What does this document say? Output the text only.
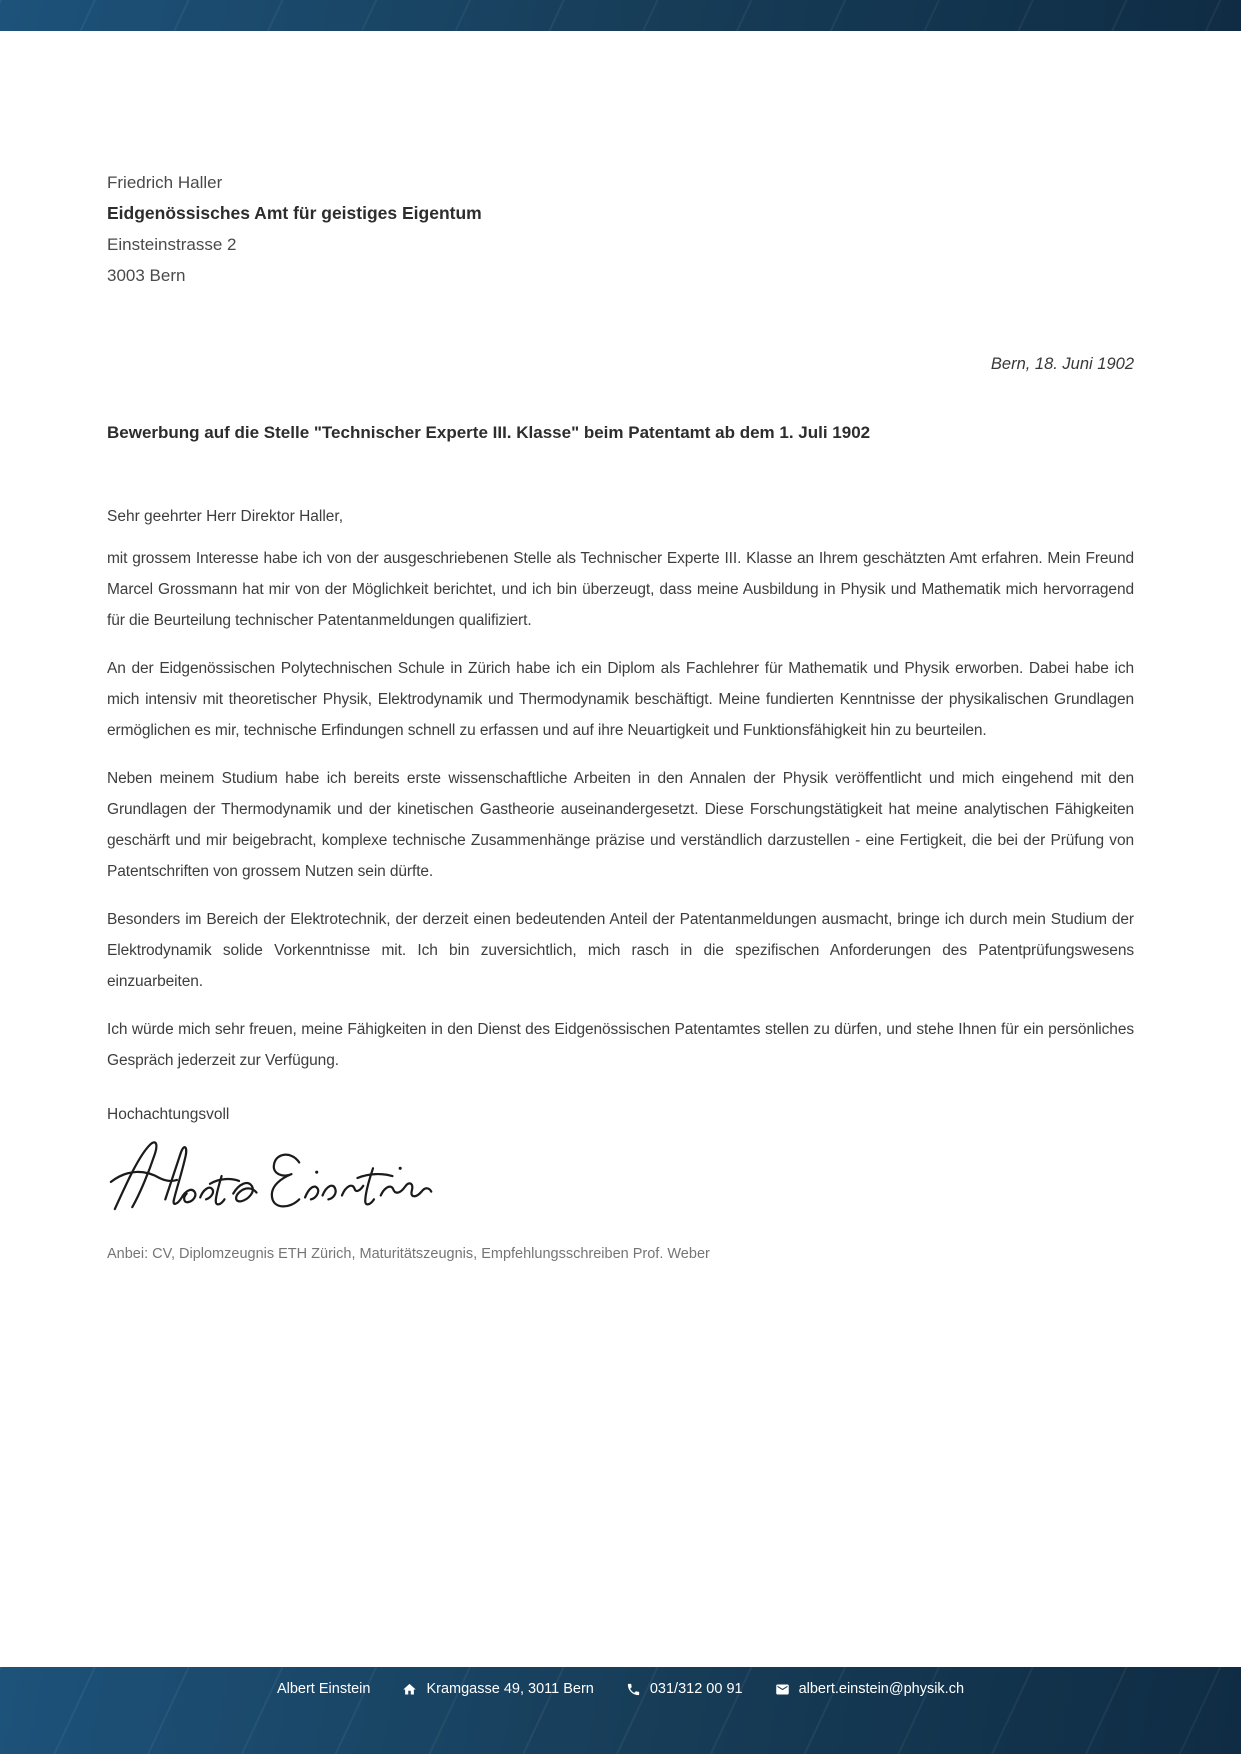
Friedrich Haller
Eidgenössisches Amt für geistiges Eigentum
Einsteinstrasse 2
3003 Bern
Bern, 18. Juni 1902
Bewerbung auf die Stelle "Technischer Experte III. Klasse" beim Patentamt ab dem 1. Juli 1902
Sehr geehrter Herr Direktor Haller,

mit grossem Interesse habe ich von der ausgeschriebenen Stelle als Technischer Experte III. Klasse an Ihrem geschätzten Amt erfahren. Mein Freund Marcel Grossmann hat mir von der Möglichkeit berichtet, und ich bin überzeugt, dass meine Ausbildung in Physik und Mathematik mich hervorragend für die Beurteilung technischer Patentanmeldungen qualifiziert.

An der Eidgenössischen Polytechnischen Schule in Zürich habe ich ein Diplom als Fachlehrer für Mathematik und Physik erworben. Dabei habe ich mich intensiv mit theoretischer Physik, Elektrodynamik und Thermodynamik beschäftigt. Meine fundierten Kenntnisse der physikalischen Grundlagen ermöglichen es mir, technische Erfindungen schnell zu erfassen und auf ihre Neuartigkeit und Funktionsfähigkeit hin zu beurteilen.

Neben meinem Studium habe ich bereits erste wissenschaftliche Arbeiten in den Annalen der Physik veröffentlicht und mich eingehend mit den Grundlagen der Thermodynamik und der kinetischen Gastheorie auseinandergesetzt. Diese Forschungstätigkeit hat meine analytischen Fähigkeiten geschärft und mir beigebracht, komplexe technische Zusammenhänge präzise und verständlich darzustellen - eine Fertigkeit, die bei der Prüfung von Patentschriften von grossem Nutzen sein dürfte.

Besonders im Bereich der Elektrotechnik, der derzeit einen bedeutenden Anteil der Patentanmeldungen ausmacht, bringe ich durch mein Studium der Elektrodynamik solide Vorkenntnisse mit. Ich bin zuversichtlich, mich rasch in die spezifischen Anforderungen des Patentprüfungswesens einzuarbeiten.

Ich würde mich sehr freuen, meine Fähigkeiten in den Dienst des Eidgenössischen Patentamtes stellen zu dürfen, und stehe Ihnen für ein persönliches Gespräch jederzeit zur Verfügung.

Hochachtungsvoll
Anbei: CV, Diplomzeugnis ETH Zürich, Maturitätszeugnis, Empfehlungsschreiben Prof. Weber
Albert Einstein	Kramgasse 49, 3011 Bern	031/312 00 91	albert.einstein@physik.ch
